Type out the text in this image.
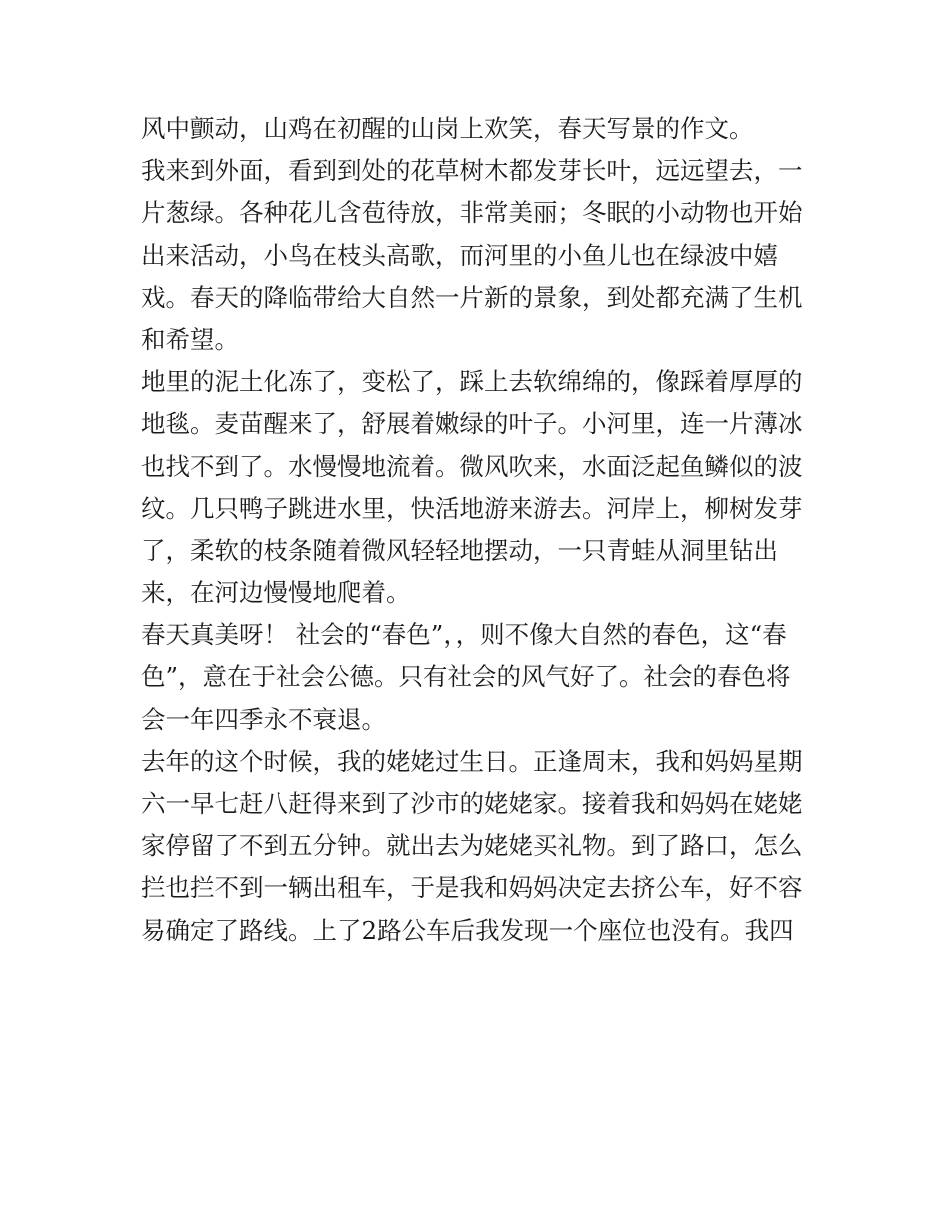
风中颤动，山鸡在初醒的山岗上欢笑，春天写景的作文。
我来到外面，看到到处的花草树木都发芽长叶，远远望去，一
片葱绿。各种花儿含苞待放，非常美丽；冬眠的小动物也开始
出来活动，小鸟在枝头高歌，而河里的小鱼儿也在绿波中嬉
戏。春天的降临带给大自然一片新的景象，到处都充满了生机
和希望。
地里的泥土化冻了，变松了，踩上去软绵绵的，像踩着厚厚的
地毯。麦苗醒来了，舒展着嫩绿的叶子。小河里，连一片薄冰
也找不到了。水慢慢地流着。微风吹来，水面泛起鱼鳞似的波
纹。几只鸭子跳进水里，快活地游来游去。河岸上，柳树发芽
了，柔软的枝条随着微风轻轻地摆动，一只青蛙从洞里钻出
来，在河边慢慢地爬着。
春天真美呀！ 社会的“春色”，，则不像大自然的春色，这“春
色”，意在于社会公德。只有社会的风气好了。社会的春色将
会一年四季永不衰退。
去年的这个时候，我的姥姥过生日。正逢周末，我和妈妈星期
六一早七赶八赶得来到了沙市的姥姥家。接着我和妈妈在姥姥
家停留了不到五分钟。就出去为姥姥买礼物。到了路口，怎么
拦也拦不到一辆出租车，于是我和妈妈决定去挤公车，好不容
易确定了路线。上了2路公车后我发现一个座位也没有。我四
